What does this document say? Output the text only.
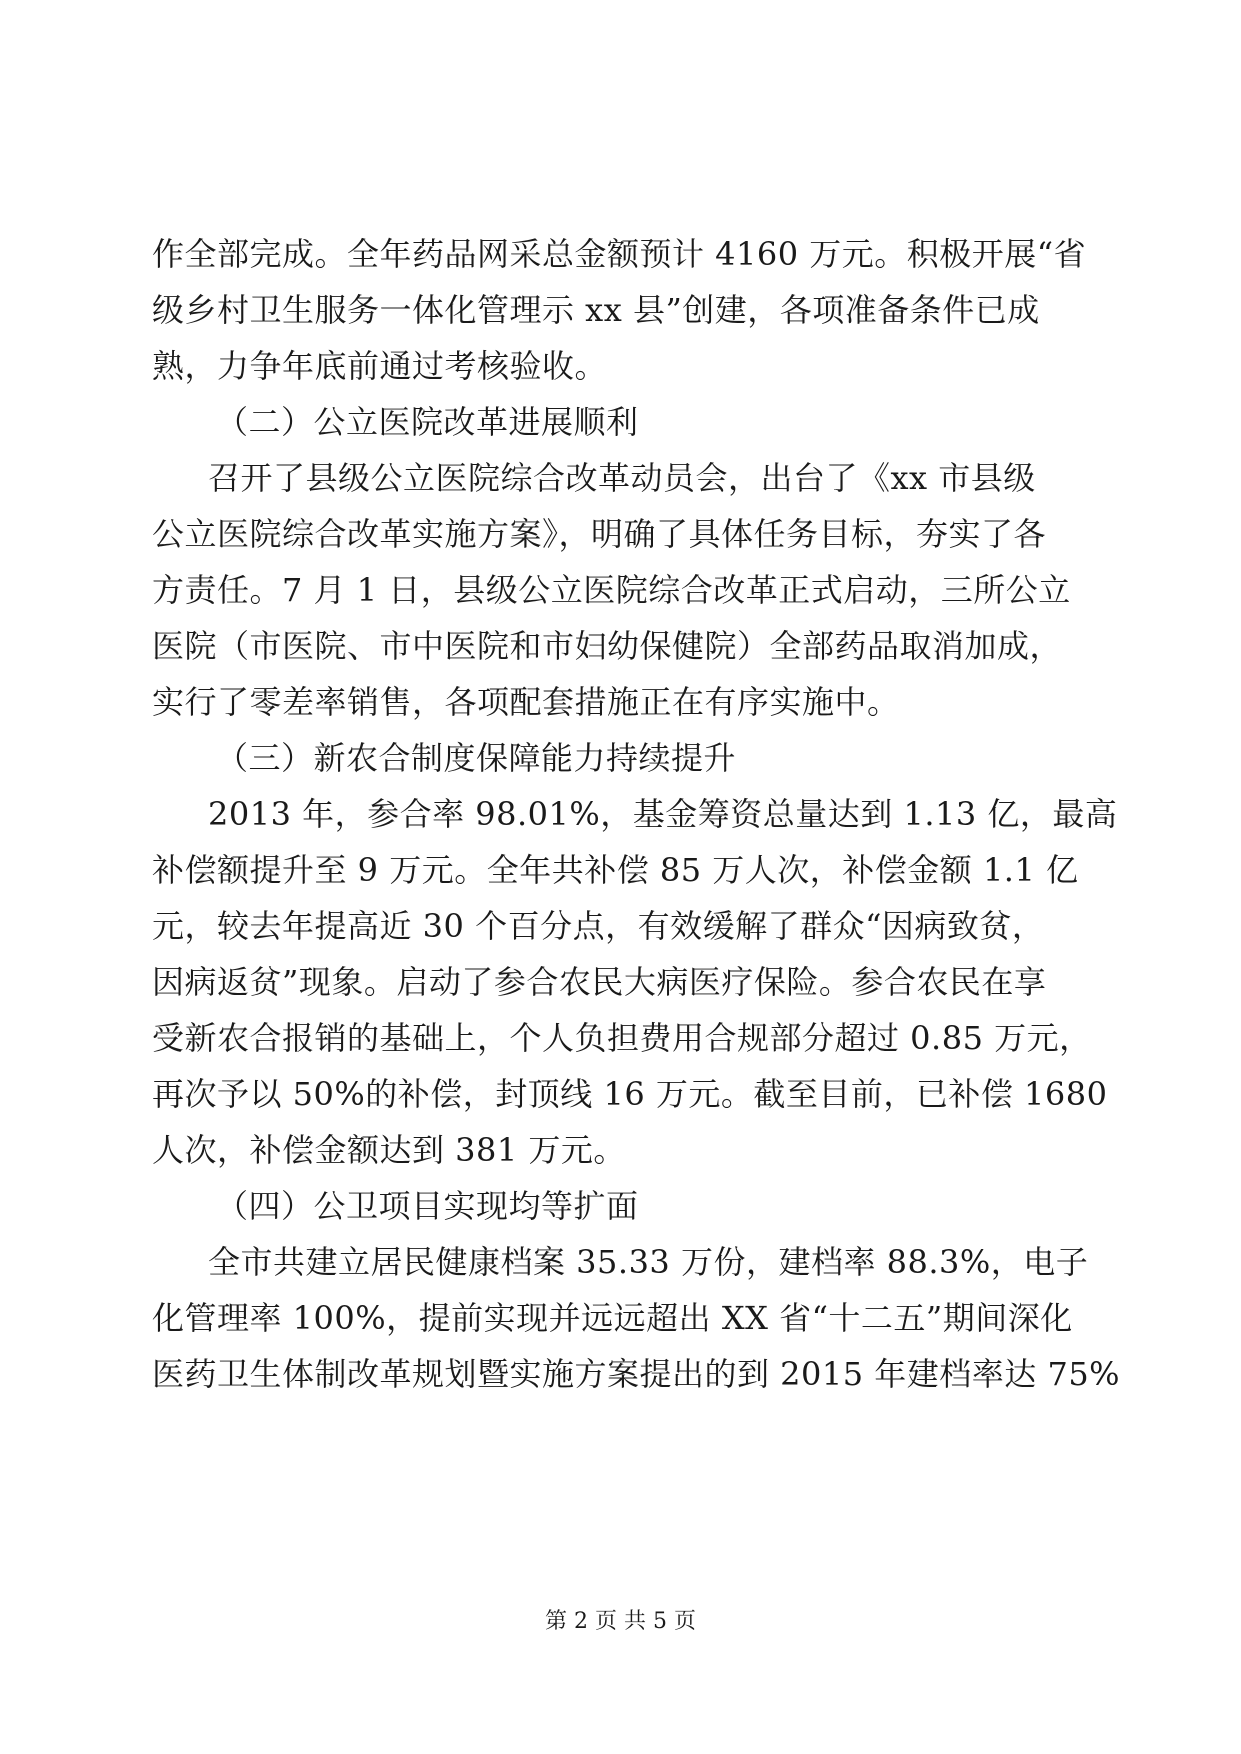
作全部完成。全年药品网采总金额预计 4160 万元。积极开展“省
级乡村卫生服务一体化管理示 xx 县”创建，各项准备条件已成
熟，力争年底前通过考核验收。
（二）公立医院改革进展顺利
召开了县级公立医院综合改革动员会，出台了《xx 市县级
公立医院综合改革实施方案》，明确了具体任务目标，夯实了各
方责任。7 月 1 日，县级公立医院综合改革正式启动，三所公立
医院（市医院、市中医院和市妇幼保健院）全部药品取消加成，
实行了零差率销售，各项配套措施正在有序实施中。
（三）新农合制度保障能力持续提升
2013 年，参合率 98.01%，基金筹资总量达到 1.13 亿，最高
补偿额提升至 9 万元。全年共补偿 85 万人次，补偿金额 1.1 亿
元，较去年提高近 30 个百分点，有效缓解了群众“因病致贫，
因病返贫”现象。启动了参合农民大病医疗保险。参合农民在享
受新农合报销的基础上，个人负担费用合规部分超过 0.85 万元，
再次予以 50%的补偿，封顶线 16 万元。截至目前，已补偿 1680
人次，补偿金额达到 381 万元。
（四）公卫项目实现均等扩面
全市共建立居民健康档案 35.33 万份，建档率 88.3%，电子
化管理率 100%，提前实现并远远超出 XX 省“十二五”期间深化
医药卫生体制改革规划暨实施方案提出的到 2015 年建档率达 75%
第 2 页 共 5 页
